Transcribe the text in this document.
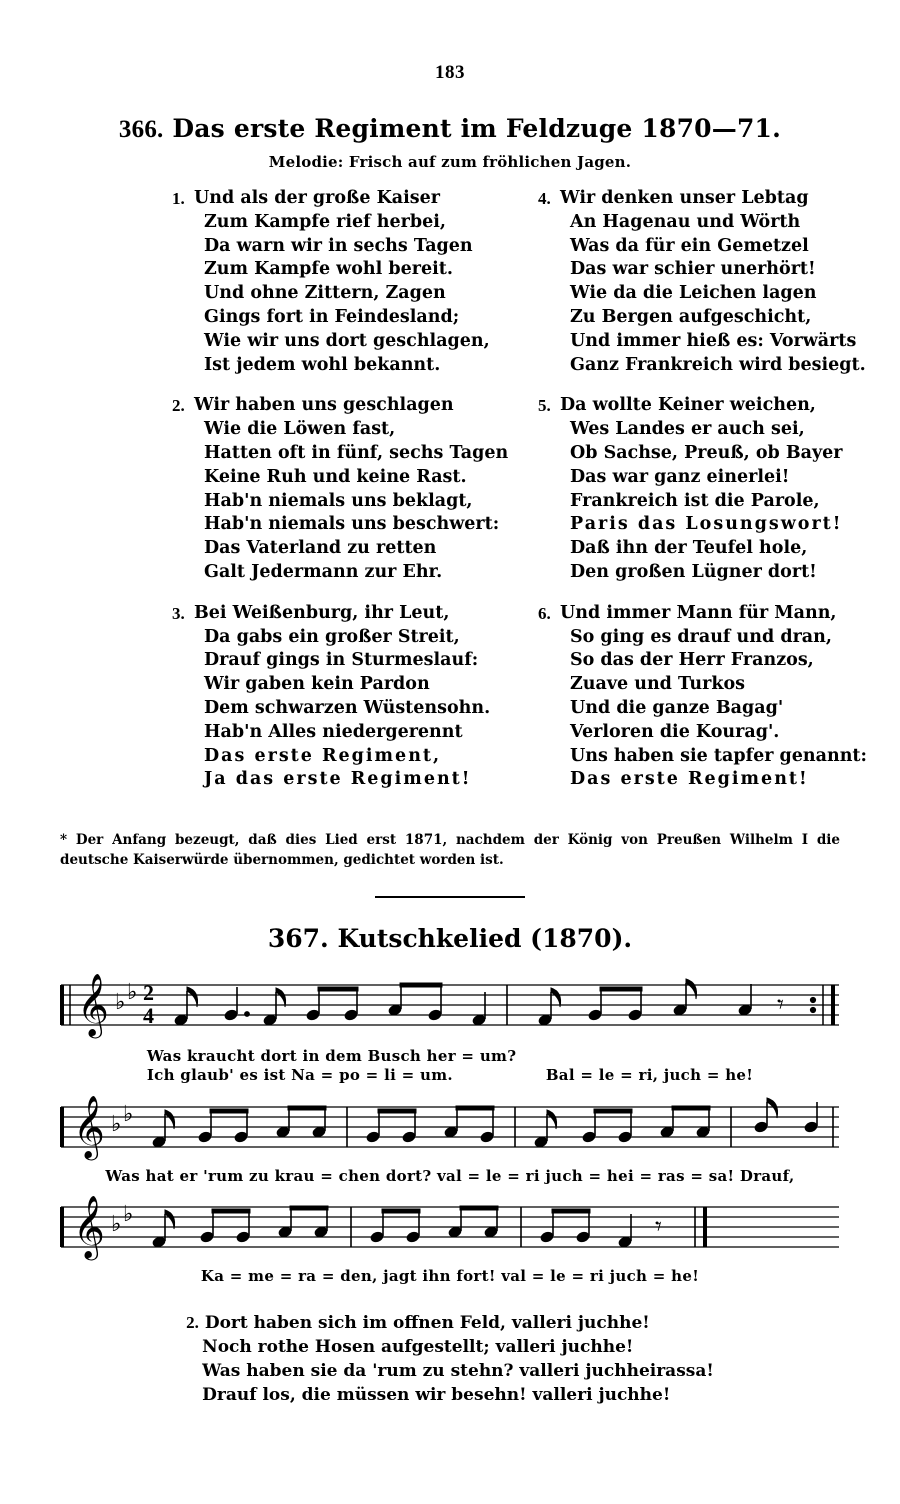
183
366. Das erste Regiment im Feldzuge 1870—71.
Melodie: Frisch auf zum fröhlichen Jagen.
1. Und als der große Kaiser
Zum Kampfe rief herbei,
Da warn wir in sechs Tagen
Zum Kampfe wohl bereit.
Und ohne Zittern, Zagen
Gings fort in Feindesland;
Wie wir uns dort geschlagen,
Ist jedem wohl bekannt.
2. Wir haben uns geschlagen
Wie die Löwen fast,
Hatten oft in fünf, sechs Tagen
Keine Ruh und keine Rast.
Hab'n niemals uns beklagt,
Hab'n niemals uns beschwert:
Das Vaterland zu retten
Galt Jedermann zur Ehr.
3. Bei Weißenburg, ihr Leut,
Da gabs ein großer Streit,
Drauf gings in Sturmeslauf:
Wir gaben kein Pardon
Dem schwarzen Wüstensohn.
Hab'n Alles niedergerennt
Das erste Regiment,
Ja das erste Regiment!
4. Wir denken unser Lebtag
An Hagenau und Wörth
Was da für ein Gemetzel
Das war schier unerhört!
Wie da die Leichen lagen
Zu Bergen aufgeschicht,
Und immer hieß es: Vorwärts
Ganz Frankreich wird besiegt.
5. Da wollte Keiner weichen,
Wes Landes er auch sei,
Ob Sachse, Preuß, ob Bayer
Das war ganz einerlei!
Frankreich ist die Parole,
Paris das Losungswort!
Daß ihn der Teufel hole,
Den großen Lügner dort!
6. Und immer Mann für Mann,
So ging es drauf und dran,
So das der Herr Franzos,
Zuave und Turkos
Und die ganze Bagag'
Verloren die Kourag'.
Uns haben sie tapfer genannt:
Das erste Regiment!
* Der Anfang bezeugt, daß dies Lied erst 1871, nachdem der König von Preußen Wilhelm I die deutsche Kaiserwürde übernommen, gedichtet worden ist.
367. Kutschkelied (1870).
𝄞 ♭ ♭ 2
4	𝄾
Was kraucht dort in dem Busch her = um?
Ich glaub' es ist Na = po = li = um.	Bal = le = ri, juch = he!
𝄞 ♭ ♭
Was hat er 'rum zu krau = chen dort? val = le = ri juch = hei = ras = sa! Drauf,
𝄞 ♭ ♭	𝄾
Ka = me = ra = den, jagt ihn fort! val = le = ri juch = he!
2. Dort haben sich im offnen Feld, valleri juchhe!
Noch rothe Hosen aufgestellt; valleri juchhe!
Was haben sie da 'rum zu stehn? valleri juchheirassa!
Drauf los, die müssen wir besehn! valleri juchhe!
